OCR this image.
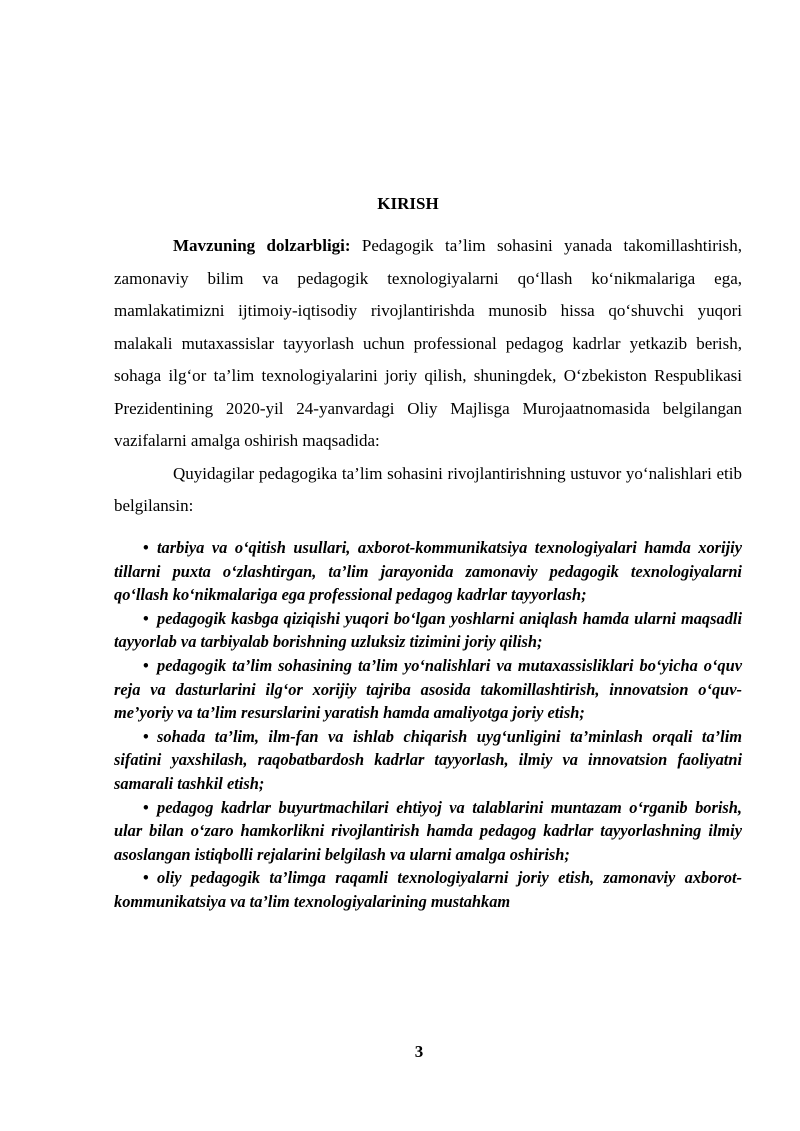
KIRISH

Mavzuning dolzarbligi: Pedagogik ta’lim sohasini yanada takomillashtirish, zamonaviy bilim va pedagogik texnologiyalarni qo‘llash ko‘nikmalariga ega, mamlakatimizni ijtimoiy-iqtisodiy rivojlantirishda munosib hissa qo‘shuvchi yuqori malakali mutaxassislar tayyorlash uchun professional pedagog kadrlar yetkazib berish, sohaga ilg‘or ta’lim texnologiyalarini joriy qilish, shuningdek, O‘zbekiston Respublikasi Prezidentining 2020-yil 24-yanvardagi Oliy Majlisga Murojaatnomasida belgilangan vazifalarni amalga oshirish maqsadida:

Quyidagilar pedagogika ta’lim sohasini rivojlantirishning ustuvor yo‘nalishlari etib belgilansin:

• tarbiya va o‘qitish usullari, axborot-kommunikatsiya texnologiyalari hamda xorijiy tillarni puxta o‘zlashtirgan, ta’lim jarayonida zamonaviy pedagogik texnologiyalarni qo‘llash ko‘nikmalariga ega professional pedagog kadrlar tayyorlash;

• pedagogik kasbga qiziqishi yuqori bo‘lgan yoshlarni aniqlash hamda ularni maqsadli tayyorlab va tarbiyalab borishning uzluksiz tizimini joriy qilish;

• pedagogik ta’lim sohasining ta’lim yo‘nalishlari va mutaxassisliklari bo‘yicha o‘quv reja va dasturlarini ilg‘or xorijiy tajriba asosida takomillashtirish, innovatsion o‘quv-me’yoriy va ta’lim resurslarini yaratish hamda amaliyotga joriy etish;

• sohada ta’lim, ilm-fan va ishlab chiqarish uyg‘unligini ta’minlash orqali ta’lim sifatini yaxshilash, raqobatbardosh kadrlar tayyorlash, ilmiy va innovatsion faoliyatni samarali tashkil etish;

• pedagog kadrlar buyurtmachilari ehtiyoj va talablarini muntazam o‘rganib borish, ular bilan o‘zaro hamkorlikni rivojlantirish hamda pedagog kadrlar tayyorlashning ilmiy asoslangan istiqbolli rejalarini belgilash va ularni amalga oshirish;

• oliy pedagogik ta’limga raqamli texnologiyalarni joriy etish, zamonaviy axborot-kommunikatsiya va ta’lim texnologiyalarining mustahkam

3
